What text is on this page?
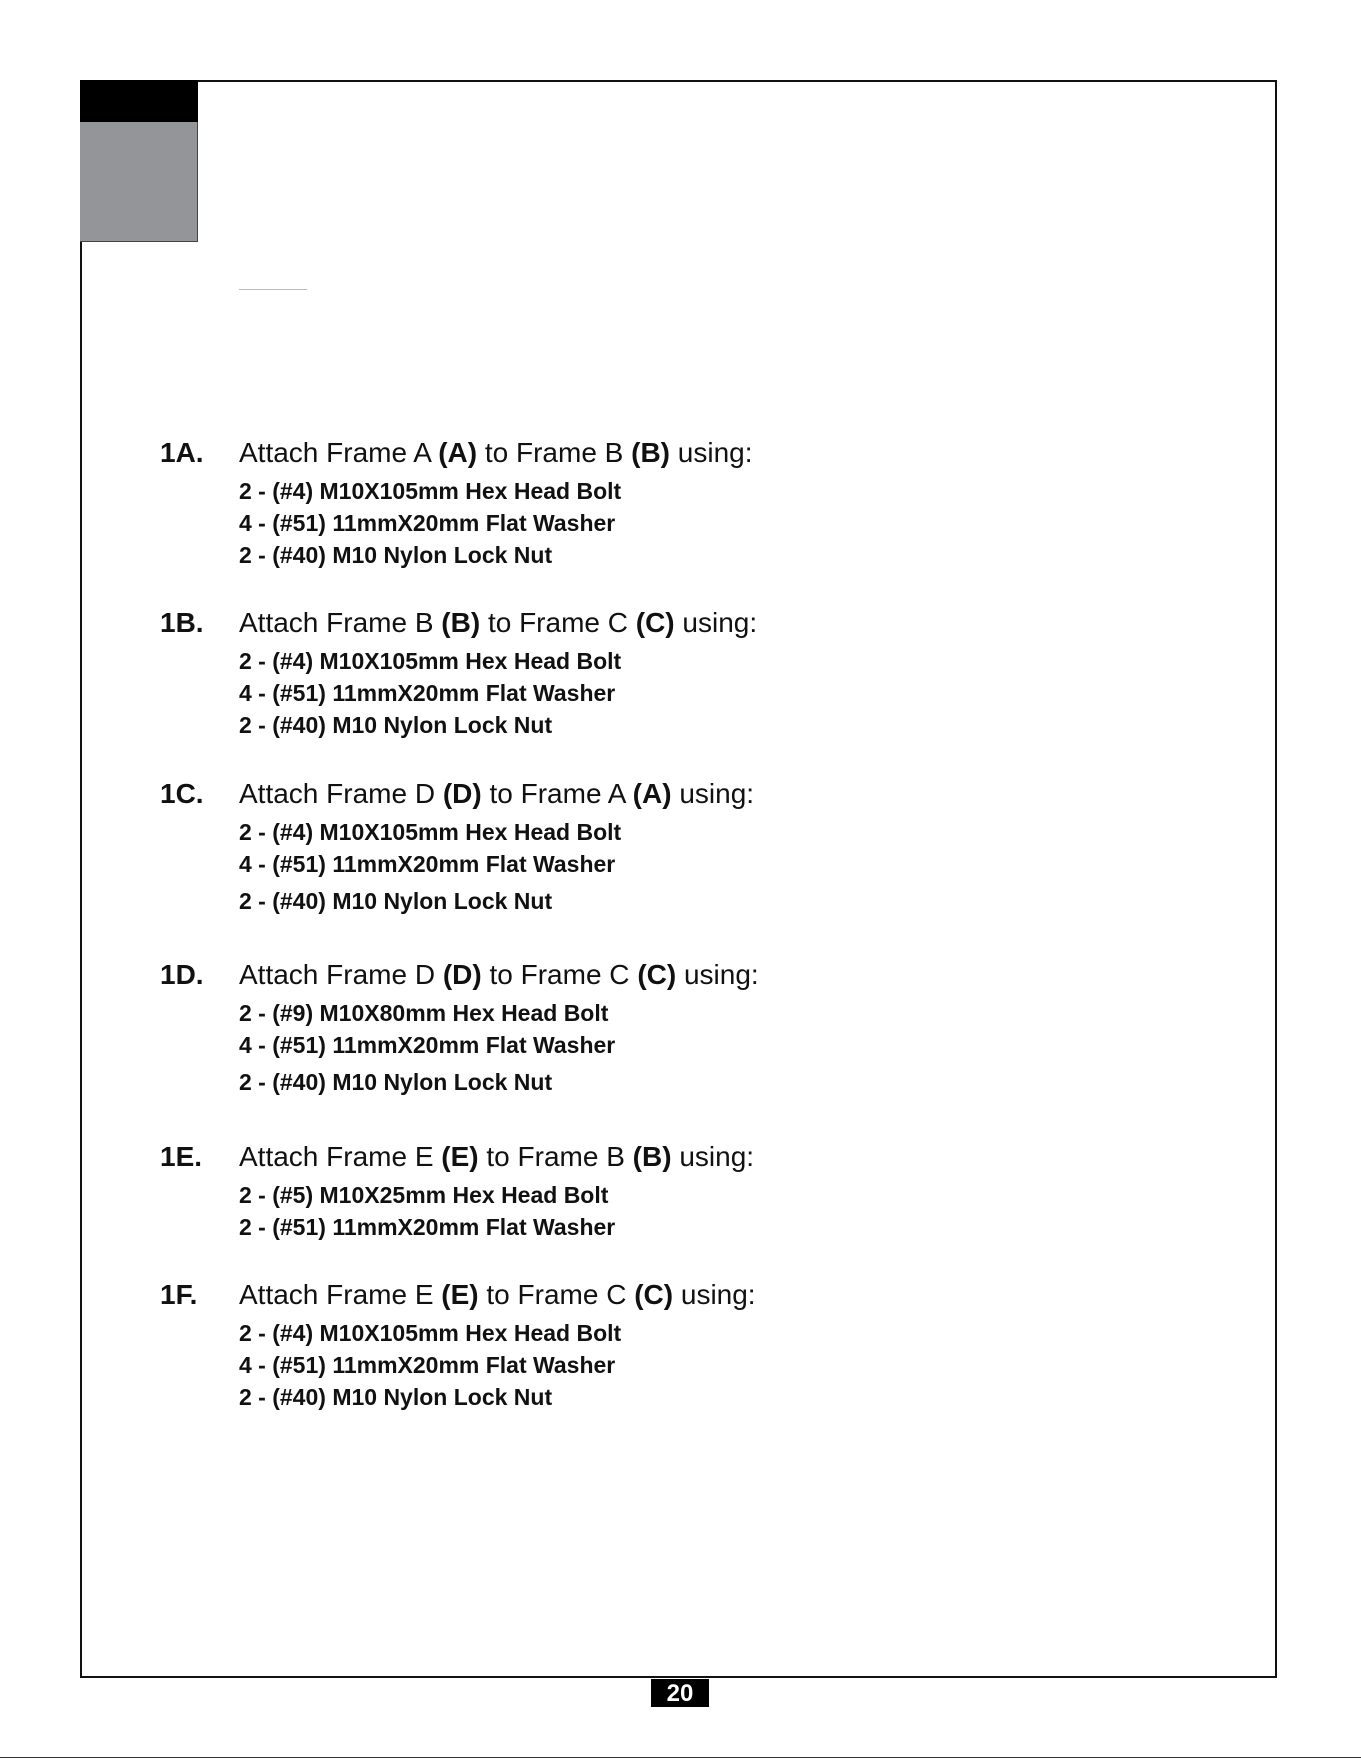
1A. Attach Frame A (A) to Frame B (B) using:
2 - (#4) M10X105mm Hex Head Bolt
4 - (#51) 11mmX20mm Flat Washer
2 - (#40) M10 Nylon Lock Nut
1B. Attach Frame B (B) to Frame C (C) using:
2 - (#4) M10X105mm Hex Head Bolt
4 - (#51) 11mmX20mm Flat Washer
2 - (#40) M10 Nylon Lock Nut
1C. Attach Frame D (D) to Frame A (A) using:
2 - (#4) M10X105mm Hex Head Bolt
4 - (#51) 11mmX20mm Flat Washer
2 - (#40) M10 Nylon Lock Nut
1D. Attach Frame D (D) to Frame C (C) using:
2 - (#9) M10X80mm Hex Head Bolt
4 - (#51) 11mmX20mm Flat Washer
2 - (#40) M10 Nylon Lock Nut
1E. Attach Frame E (E) to Frame B (B) using:
2 - (#5) M10X25mm Hex Head Bolt
2 - (#51) 11mmX20mm Flat Washer
1F. Attach Frame E (E) to Frame C (C) using:
2 - (#4) M10X105mm Hex Head Bolt
4 - (#51) 11mmX20mm Flat Washer
2 - (#40) M10 Nylon Lock Nut
20
